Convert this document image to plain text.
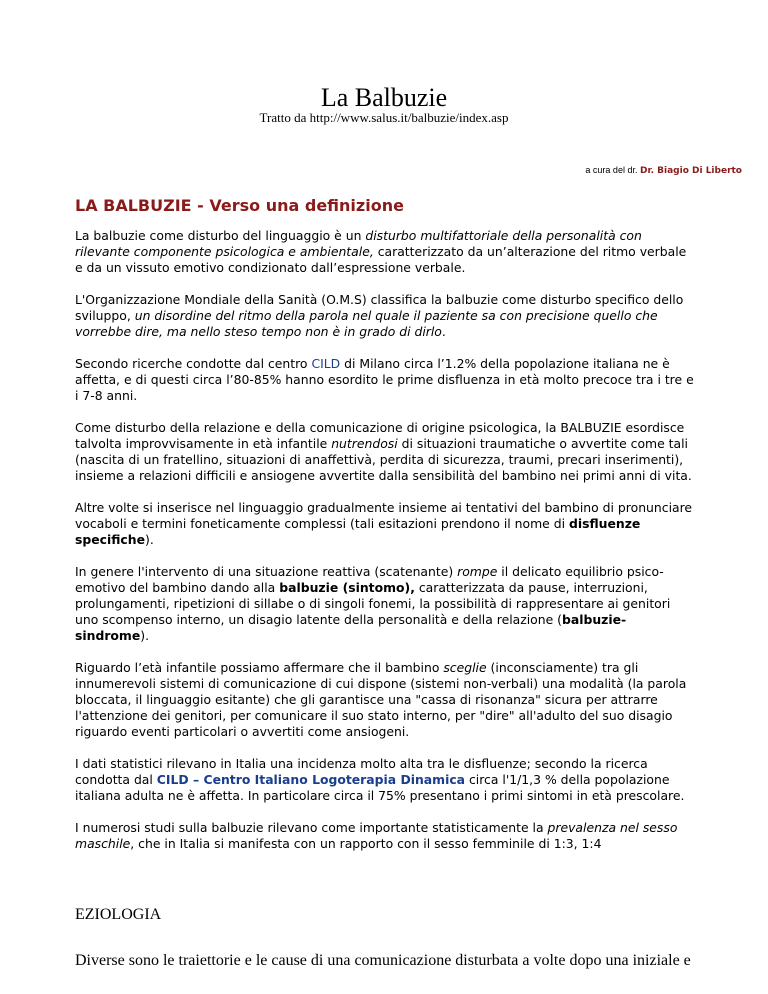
La Balbuzie
Tratto da http://www.salus.it/balbuzie/index.asp
a cura del dr. Dr. Biagio Di Liberto
LA BALBUZIE - Verso una definizione

La balbuzie come disturbo del linguaggio è un disturbo multifattoriale della personalità con rilevante componente psicologica e ambientale, caratterizzato da un’alterazione del ritmo verbale e da un vissuto emotivo condizionato dall’espressione verbale.

L'Organizzazione Mondiale della Sanità (O.M.S) classifica la balbuzie come disturbo specifico dello sviluppo, un disordine del ritmo della parola nel quale il paziente sa con precisione quello che vorrebbe dire, ma nello steso tempo non è in grado di dirlo.

Secondo ricerche condotte dal centro CILD di Milano circa l’1.2% della popolazione italiana ne è affetta, e di questi circa l’80-85% hanno esordito le prime disfluenza in età molto precoce tra i tre e i 7-8 anni.

Come disturbo della relazione e della comunicazione di origine psicologica, la BALBUZIE esordisce talvolta improvvisamente in età infantile nutrendosi di situazioni traumatiche o avvertite come tali (nascita di un fratellino, situazioni di anaffettivà, perdita di sicurezza, traumi, precari inserimenti), insieme a relazioni difficili e ansiogene avvertite dalla sensibilità del bambino nei primi anni di vita.

Altre volte si inserisce nel linguaggio gradualmente insieme ai tentativi del bambino di pronunciare vocaboli e termini foneticamente complessi (tali esitazioni prendono il nome di disfluenze specifiche).

In genere l'intervento di una situazione reattiva (scatenante) rompe il delicato equilibrio psico-emotivo del bambino dando alla balbuzie (sintomo), caratterizzata da pause, interruzioni, prolungamenti, ripetizioni di sillabe o di singoli fonemi, la possibilità di rappresentare ai genitori uno scompenso interno, un disagio latente della personalità e della relazione (balbuzie-sindrome).

Riguardo l’età infantile possiamo affermare che il bambino sceglie (inconsciamente) tra gli innumerevoli sistemi di comunicazione di cui dispone (sistemi non-verbali) una modalità (la parola bloccata, il linguaggio esitante) che gli garantisce una "cassa di risonanza" sicura per attrarre l'attenzione dei genitori, per comunicare il suo stato interno, per "dire" all'adulto del suo disagio riguardo eventi particolari o avvertiti come ansiogeni.

I dati statistici rilevano in Italia una incidenza molto alta tra le disfluenze; secondo la ricerca condotta dal CILD – Centro Italiano Logoterapia Dinamica circa l'1/1,3 % della popolazione italiana adulta ne è affetta. In particolare circa il 75% presentano i primi sintomi in età prescolare.

I numerosi studi sulla balbuzie rilevano come importante statisticamente la prevalenza nel sesso maschile, che in Italia si manifesta con un rapporto con il sesso femminile di 1:3, 1:4

EZIOLOGIA
Diverse sono le traiettorie e le cause di una comunicazione disturbata a volte dopo una iniziale e
